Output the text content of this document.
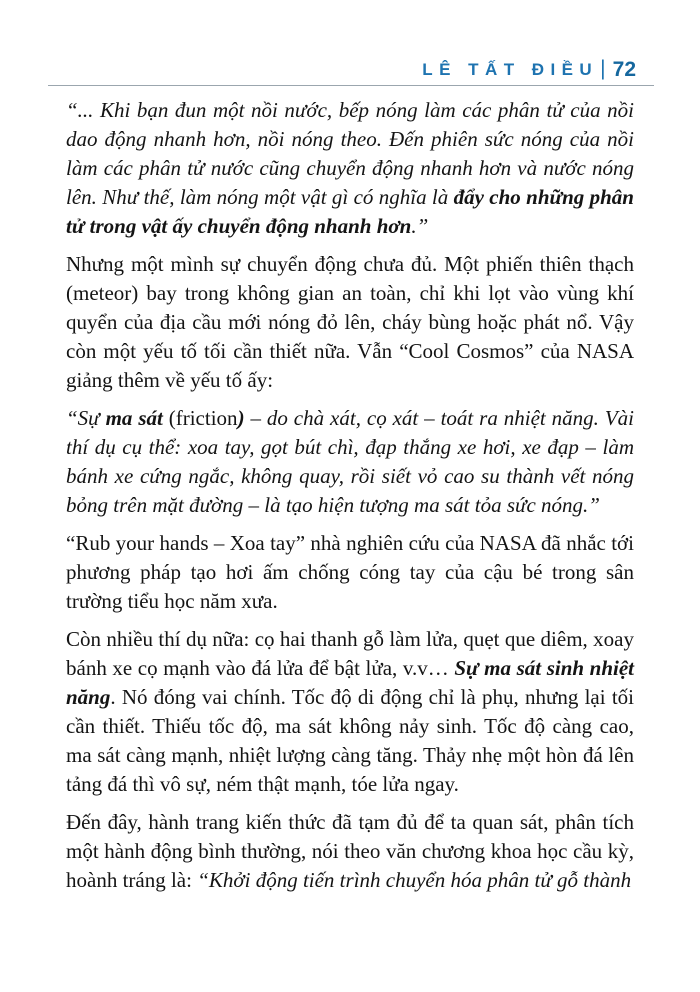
LÊ TẤT ĐIỀU | 72

“... Khi bạn đun một nồi nước, bếp nóng làm các phân tử của nồi dao động nhanh hơn, nồi nóng theo. Đến phiên sức nóng của nồi làm các phân tử nước cũng chuyển động nhanh hơn và nước nóng lên. Như thế, làm nóng một vật gì có nghĩa là đẩy cho những phân tử trong vật ấy chuyển động nhanh hơn.”

Nhưng một mình sự chuyển động chưa đủ. Một phiến thiên thạch (meteor) bay trong không gian an toàn, chỉ khi lọt vào vùng khí quyển của địa cầu mới nóng đỏ lên, cháy bùng hoặc phát nổ. Vậy còn một yếu tố tối cần thiết nữa. Vẫn “Cool Cosmos” của NASA giảng thêm về yếu tố ấy:

“Sự ma sát (friction) – do chà xát, cọ xát – toát ra nhiệt năng. Vài thí dụ cụ thể: xoa tay, gọt bút chì, đạp thắng xe hơi, xe đạp – làm bánh xe cứng ngắc, không quay, rồi siết vỏ cao su thành vết nóng bỏng trên mặt đường – là tạo hiện tượng ma sát tỏa sức nóng.”

“Rub your hands – Xoa tay” nhà nghiên cứu của NASA đã nhắc tới phương pháp tạo hơi ấm chống cóng tay của cậu bé trong sân trường tiểu học năm xưa.

Còn nhiều thí dụ nữa: cọ hai thanh gỗ làm lửa, quẹt que diêm, xoay bánh xe cọ mạnh vào đá lửa để bật lửa, v.v… Sự ma sát sinh nhiệt năng. Nó đóng vai chính. Tốc độ di động chỉ là phụ, nhưng lại tối cần thiết. Thiếu tốc độ, ma sát không nảy sinh. Tốc độ càng cao, ma sát càng mạnh, nhiệt lượng càng tăng. Thảy nhẹ một hòn đá lên tảng đá thì vô sự, ném thật mạnh, tóe lửa ngay.

Đến đây, hành trang kiến thức đã tạm đủ để ta quan sát, phân tích một hành động bình thường, nói theo văn chương khoa học cầu kỳ, hoành tráng là: “Khởi động tiến trình chuyển hóa phân tử gỗ thành
